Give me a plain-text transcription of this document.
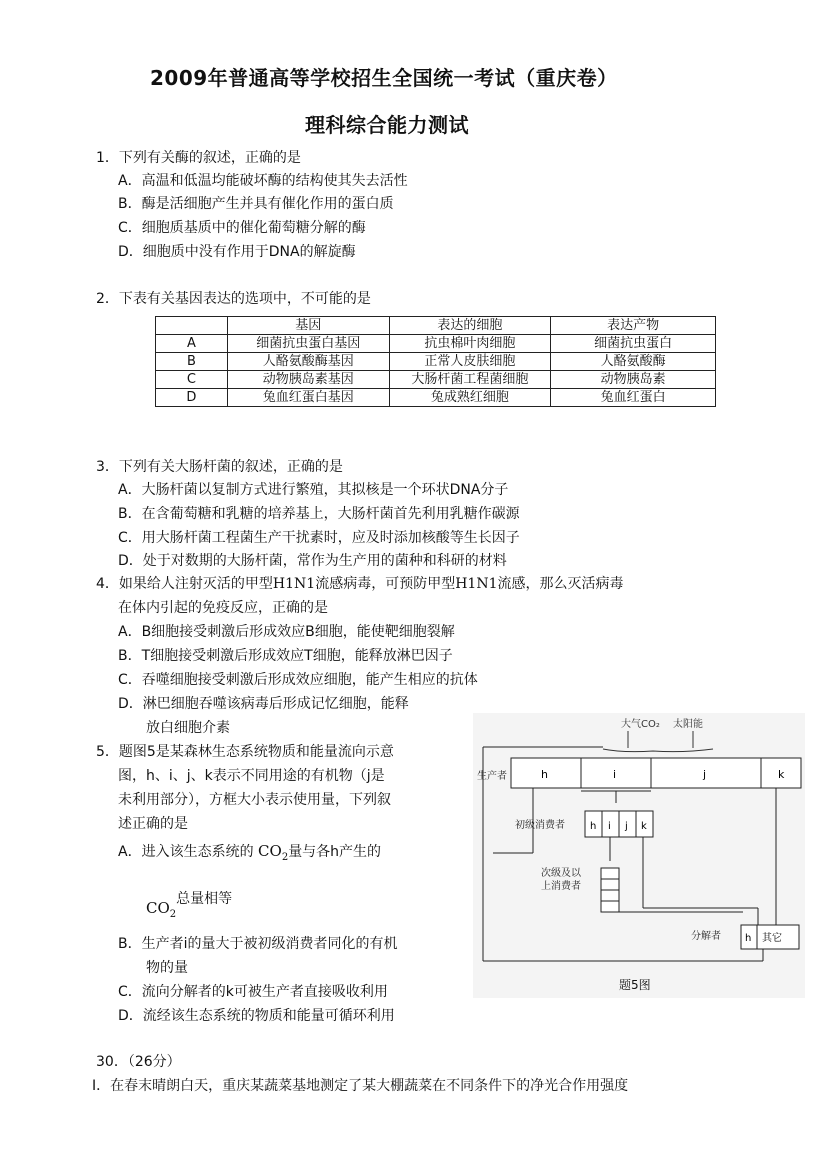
2009年普通高等学校招生全国统一考试（重庆卷）
理科综合能力测试
1．下列有关酶的叙述，正确的是
A．高温和低温均能破坏酶的结构使其失去活性
B．酶是活细胞产生并具有催化作用的蛋白质
C．细胞质基质中的催化葡萄糖分解的酶
D．细胞质中没有作用于DNA的解旋酶
2．下表有关基因表达的选项中，不可能的是
	基因	表达的细胞	表达产物
A	细菌抗虫蛋白基因	抗虫棉叶肉细胞	细菌抗虫蛋白
B	人酪氨酸酶基因	正常人皮肤细胞	人酪氨酸酶
C	动物胰岛素基因	大肠杆菌工程菌细胞	动物胰岛素
D	兔血红蛋白基因	兔成熟红细胞	兔血红蛋白
3．下列有关大肠杆菌的叙述，正确的是
A．大肠杆菌以复制方式进行繁殖，其拟核是一个环状DNA分子
B．在含葡萄糖和乳糖的培养基上，大肠杆菌首先利用乳糖作碳源
C．用大肠杆菌工程菌生产干扰素时，应及时添加核酸等生长因子
D．处于对数期的大肠杆菌，常作为生产用的菌种和科研的材料
4．如果给人注射灭活的甲型H1N1流感病毒，可预防甲型H1N1流感，那么灭活病毒
在体内引起的免疫反应，正确的是
A．B细胞接受刺激后形成效应B细胞，能使靶细胞裂解
B．T细胞接受刺激后形成效应T细胞，能释放淋巴因子
C．吞噬细胞接受刺激后形成效应细胞，能产生相应的抗体
D．淋巴细胞吞噬该病毒后形成记忆细胞，能释
放白细胞介素
5．题图5是某森林生态系统物质和能量流向示意
图，h、i、j、k表示不同用途的有机物（j是
未利用部分），方框大小表示使用量，下列叙
述正确的是
A．进入该生态系统的 $CO_2$量与各h产生的
$CO_2$总量相等
B．生产者i的量大于被初级消费者同化的有机
物的量
C．流向分解者的k可被生产者直接吸收利用
D．流经该生态系统的物质和能量可循环利用
大气CO₂ 太阳能
生产者	h	i	j	k
初级消费者	h i j k
次级及以
上消费者
分解者 h 其它
题5图
30．（26分）
Ⅰ．在春末晴朗白天，重庆某蔬菜基地测定了某大棚蔬菜在不同条件下的净光合作用强度
